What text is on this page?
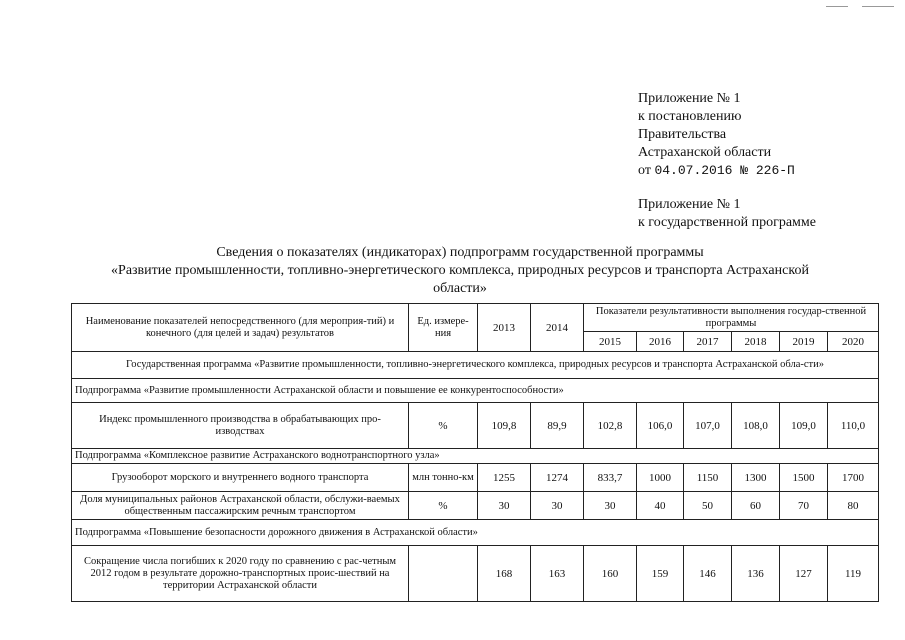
Приложение № 1
к постановлению
Правительства
Астраханской области
от 04.07.2016 № 226-П
Приложение № 1
к государственной программе
Сведения о показателях (индикаторах) подпрограмм государственной программы
«Развитие промышленности, топливно-энергетического комплекса, природных ресурсов и транспорта Астраханской
области»
Наименование показателей непосредственного (для мероприя-тий) и конечного (для целей и задач) результатов	Ед. измере-ния	2013	2014	Показатели результативности выполнения государ-ственной программы					
				2015	2016	2017	2018	2019	2020
Государственная программа «Развитие промышленности, топливно-энергетического комплекса, природных ресурсов и транспорта Астраханской обла-сти»									
Подпрограмма «Развитие промышленности Астраханской области и повышение ее конкурентоспособности»									
Индекс промышленного производства в обрабатывающих про-изводствах	%	109,8	89,9	102,8	106,0	107,0	108,0	109,0	110,0
Подпрограмма «Комплексное развитие Астраханского воднотранспортного узла»									
Грузооборот морского и внутреннего водного транспорта	млн тонно-км	1255	1274	833,7	1000	1150	1300	1500	1700
Доля муниципальных районов Астраханской области, обслужи-ваемых общественным пассажирским речным транспортом	%	30	30	30	40	50	60	70	80
Подпрограмма «Повышение безопасности дорожного движения в Астраханской области»									
Сокращение числа погибших к 2020 году по сравнению с рас-четным 2012 годом в результате дорожно-транспортных проис-шествий на территории Астраханской области		168	163	160	159	146	136	127	119
